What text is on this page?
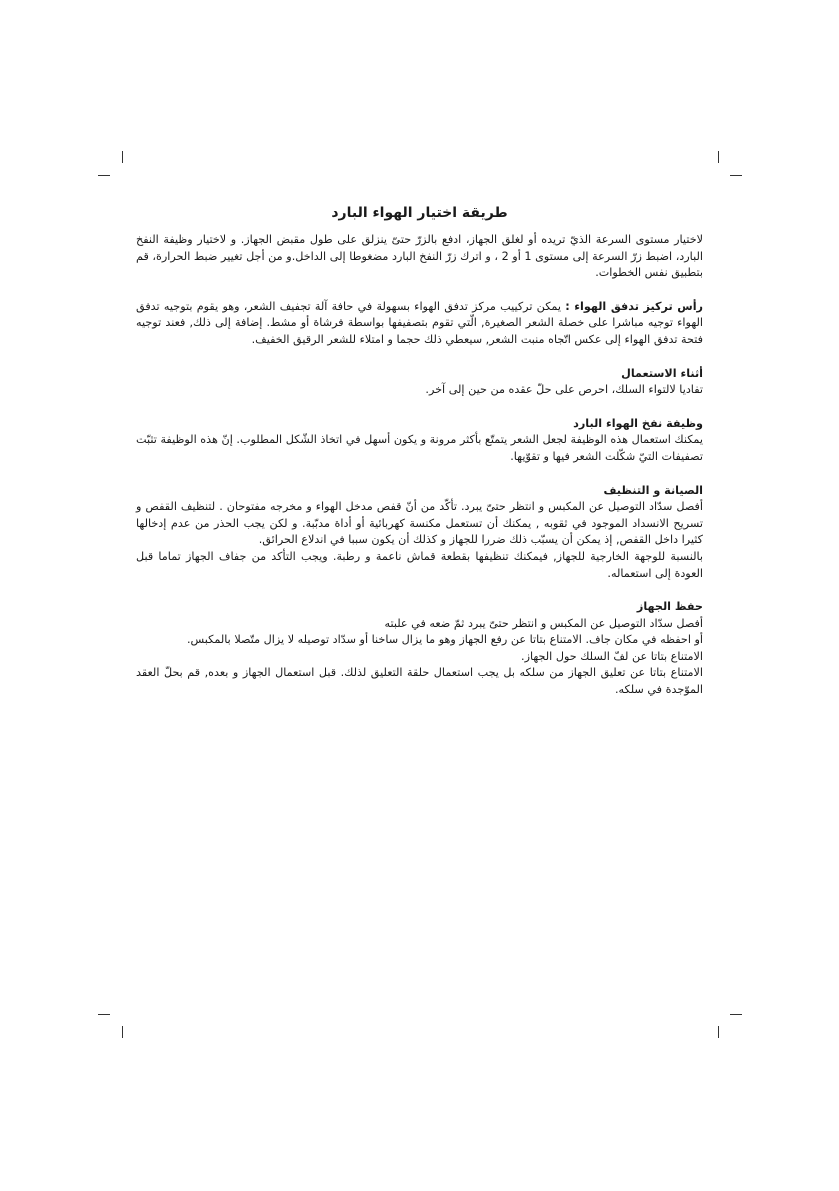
طريقة اختيار الهواء البارد

لاختيار مستوى السرعة الذيّ تريده أو لغلق الجهاز، ادفع بالزرّ حتىّ ينزلق على طول مقبض الجهاز. و لاختيار وظيفة النفخ البارد، اضبط زرّ السرعة إلى مستوى 1 أو 2 ، و اترك زرّ النفخ البارد مضغوطا إلى الداخل.و من أجل تغيير ضبط الحرارة، قم بتطبيق نفس الخطوات.

رأس تركيز تدفق الهواء : يمكن تركييب مركز تدفق الهواء بسهولة في حافة آلة تجفيف الشعر، وهو يقوم بتوجيه تدفق الهواء توجيه مباشرا على خصلة الشعر الصغيرة, الّتي تقوم بتصفيفها بواسطة فرشاة أو مشط. إضافة إلى ذلك, فعند توجيه فتحة تدفق الهواء إلى عكس اتّجاه منبت الشعر, سيعطي ذلك حجما و امتلاء للشعر الرقيق الخفيف.

أثناء الاستعمال

تفاديا لالتواء السلك، احرص على حلّ عقده من حين إلى آخر.

وظيفة نفخ الهواء البارد

يمكنك استعمال هذه الوظيفة لجعل الشعر يتمتّع بأكثر مرونة و يكون أسهل في اتخاذ الشّكل المطلوب. إنّ هذه الوظيفة تثبّت تصفيفات التيّ شكّلت الشعر فيها و تقوّيها.

الصيانة و التنظيف

أفصل سدّاد التوصيل عن المكبس و انتظر حتىّ يبرد. تأكّد من أنّ قفص مدخل الهواء و مخرجه مفتوحان . لتنظيف القفص و تسريح الانسداد الموجود في ثقوبه , يمكنك أن تستعمل مكنسة كهربائية أو أداة مدبّبة. و لكن يجب الحذر من عدم إدخالها كثيرا داخل القفص, إذ يمكن أن يسبّب ذلك ضررا للجهاز و كذلك أن يكون سببا في اندلاع الحرائق.

بالنسبة للوجهة الخارجية للجهاز, فيمكنك تنظيفها بقطعة قماش ناعمة و رطبة. ويجب التأكد من جفاف الجهاز تماما قبل العودة إلى استعماله.

حفظ الجهاز

أفصل سدّاد التوصيل عن المكبس و انتظر حتىّ يبرد ثمّ ضعه في علبته

أو احفظه في مكان جاف. الامتناع بتاتا عن رفع الجهاز وهو ما يزال ساخنا أو سدّاد توصيله لا يزال متّصلا بالمكبس.

الامتناع بتاتا عن لفّ السلك حول الجهاز.

الامتناع بتاتا عن تعليق الجهاز من سلكه بل يجب استعمال حلقة التعليق لذلك. قبل استعمال الجهاز و بعده, قم بحلّ العقد الموّجدة في سلكه.
